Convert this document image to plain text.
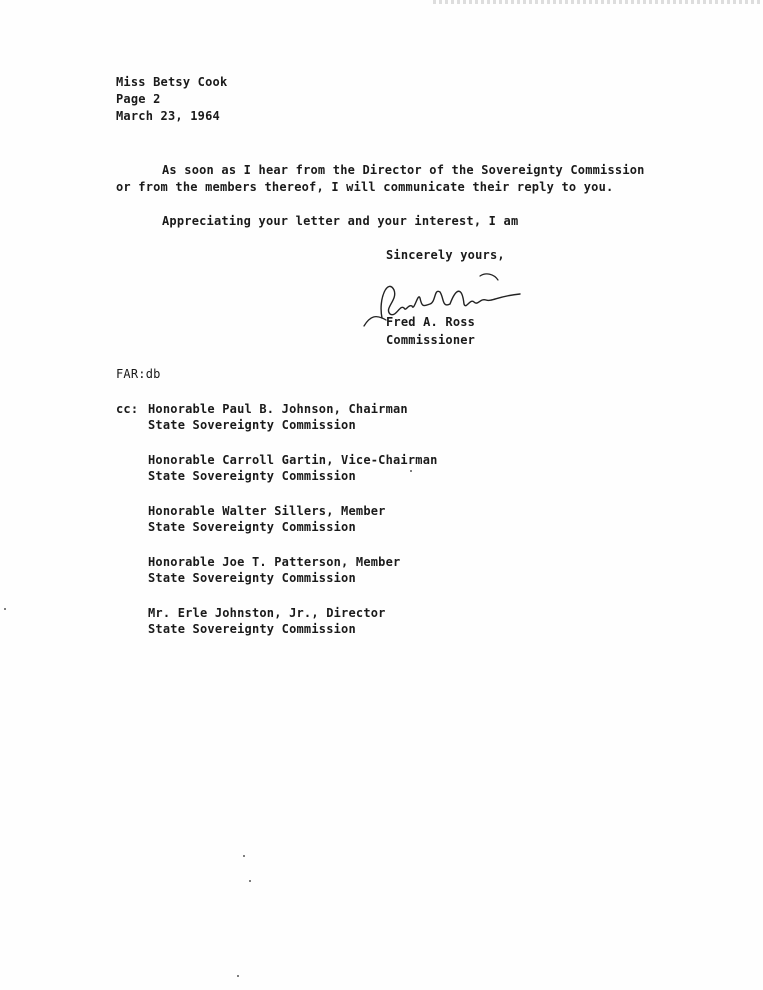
Miss Betsy Cook
Page 2
March 23, 1964
As soon as I hear from the Director of the Sovereignty Commission
or from the members thereof, I will communicate their reply to you.
Appreciating your letter and your interest, I am
Sincerely yours,
Fred A. Ross
Commissioner
FAR:db
cc: Honorable Paul B. Johnson, Chairman
State Sovereignty Commission
Honorable Carroll Gartin, Vice-Chairman
State Sovereignty Commission
Honorable Walter Sillers, Member
State Sovereignty Commission
Honorable Joe T. Patterson, Member
State Sovereignty Commission
Mr. Erle Johnston, Jr., Director
State Sovereignty Commission
